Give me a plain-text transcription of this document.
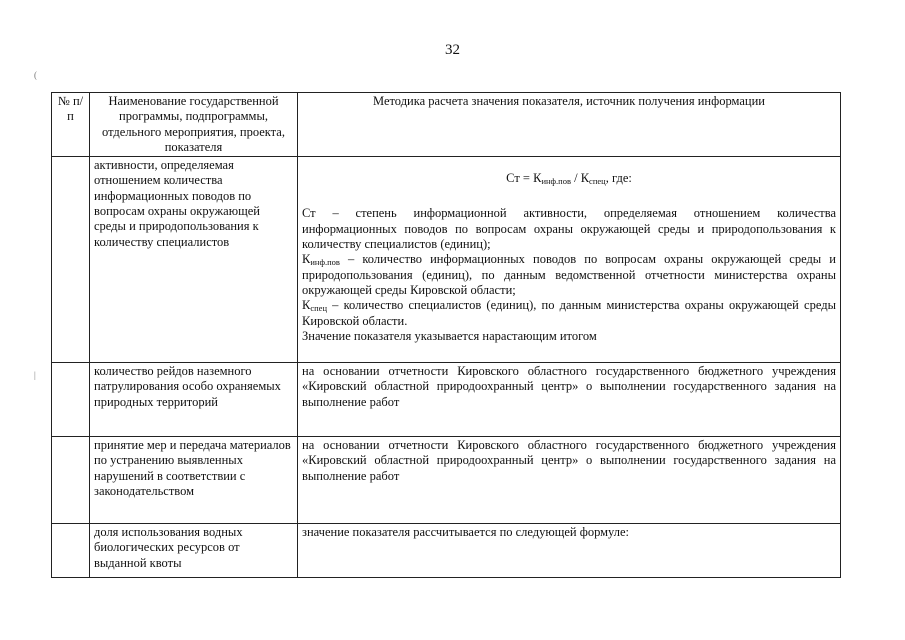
32
(
|
№ п/п	Наименование государственной программы, подпрограммы, отдельного мероприятия, проекта, показателя	Методика расчета значения показателя, источник получения информации
	активности, определяемая отношением количества информационных поводов по вопросам охраны окружающей среды и природопользования к количеству специалистов	Ст = $К_{инф.пов} / К_{спец}$, где:

Ст – степень информационной активности, определяемая отношением количества информационных поводов по вопросам охраны окружающей среды и природопользования к количеству специалистов (единиц);

$К_{инф.пов}$ – количество информационных поводов по вопросам охраны окружающей среды и природопользования (единиц), по данным ведомственной отчетности министерства охраны окружающей среды Кировской области;

$К_{спец}$ – количество специалистов (единиц), по данным министерства охраны окружающей среды Кировской области.

Значение показателя указывается нарастающим итогом

	количество рейдов наземного патрулирования особо охраняемых природных территорий	на основании отчетности Кировского областного государственного бюджетного учреждения «Кировский областной природоохранный центр» о выполнении государственного задания на выполнение работ
	принятие мер и передача материалов по устранению выявленных нарушений в соответствии с законодательством	на основании отчетности Кировского областного государственного бюджетного учреждения «Кировский областной природоохранный центр» о выполнении государственного задания на выполнение работ
	доля использования водных биологических ресурсов от выданной квоты	значение показателя рассчитывается по следующей формуле:
